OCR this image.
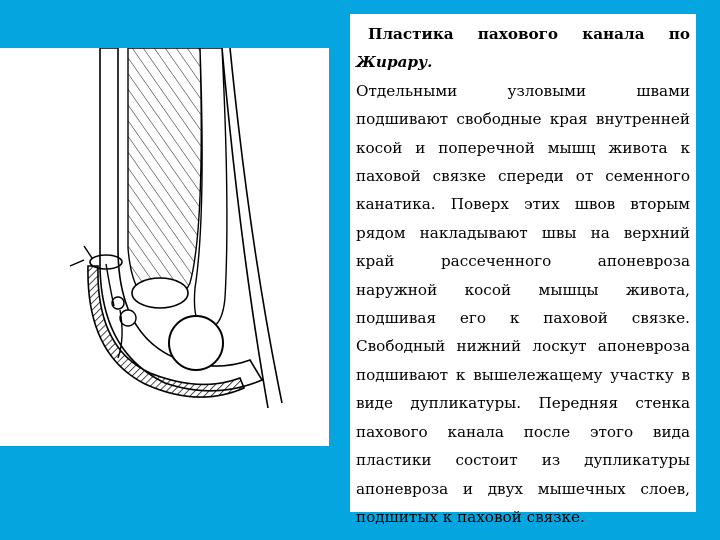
Пластика пахового канала по Жирару.

Отдельными узловыми швами подшивают свободные края внутренней косой и поперечной мышц живота к паховой связке спереди от семенного канатика. Поверх этих швов вторым рядом накладывают швы на верхний край рассеченного апоневроза наружной косой мышцы живота, подшивая его к паховой связке. Свободный нижний лоскут апоневроза подшивают к вышележащему участку в виде дупликатуры. Передняя стенка пахового канала после этого вида пластики состоит из дупликатуры апоневроза и двух мышечных слоев, подшитых к паховой связке.
